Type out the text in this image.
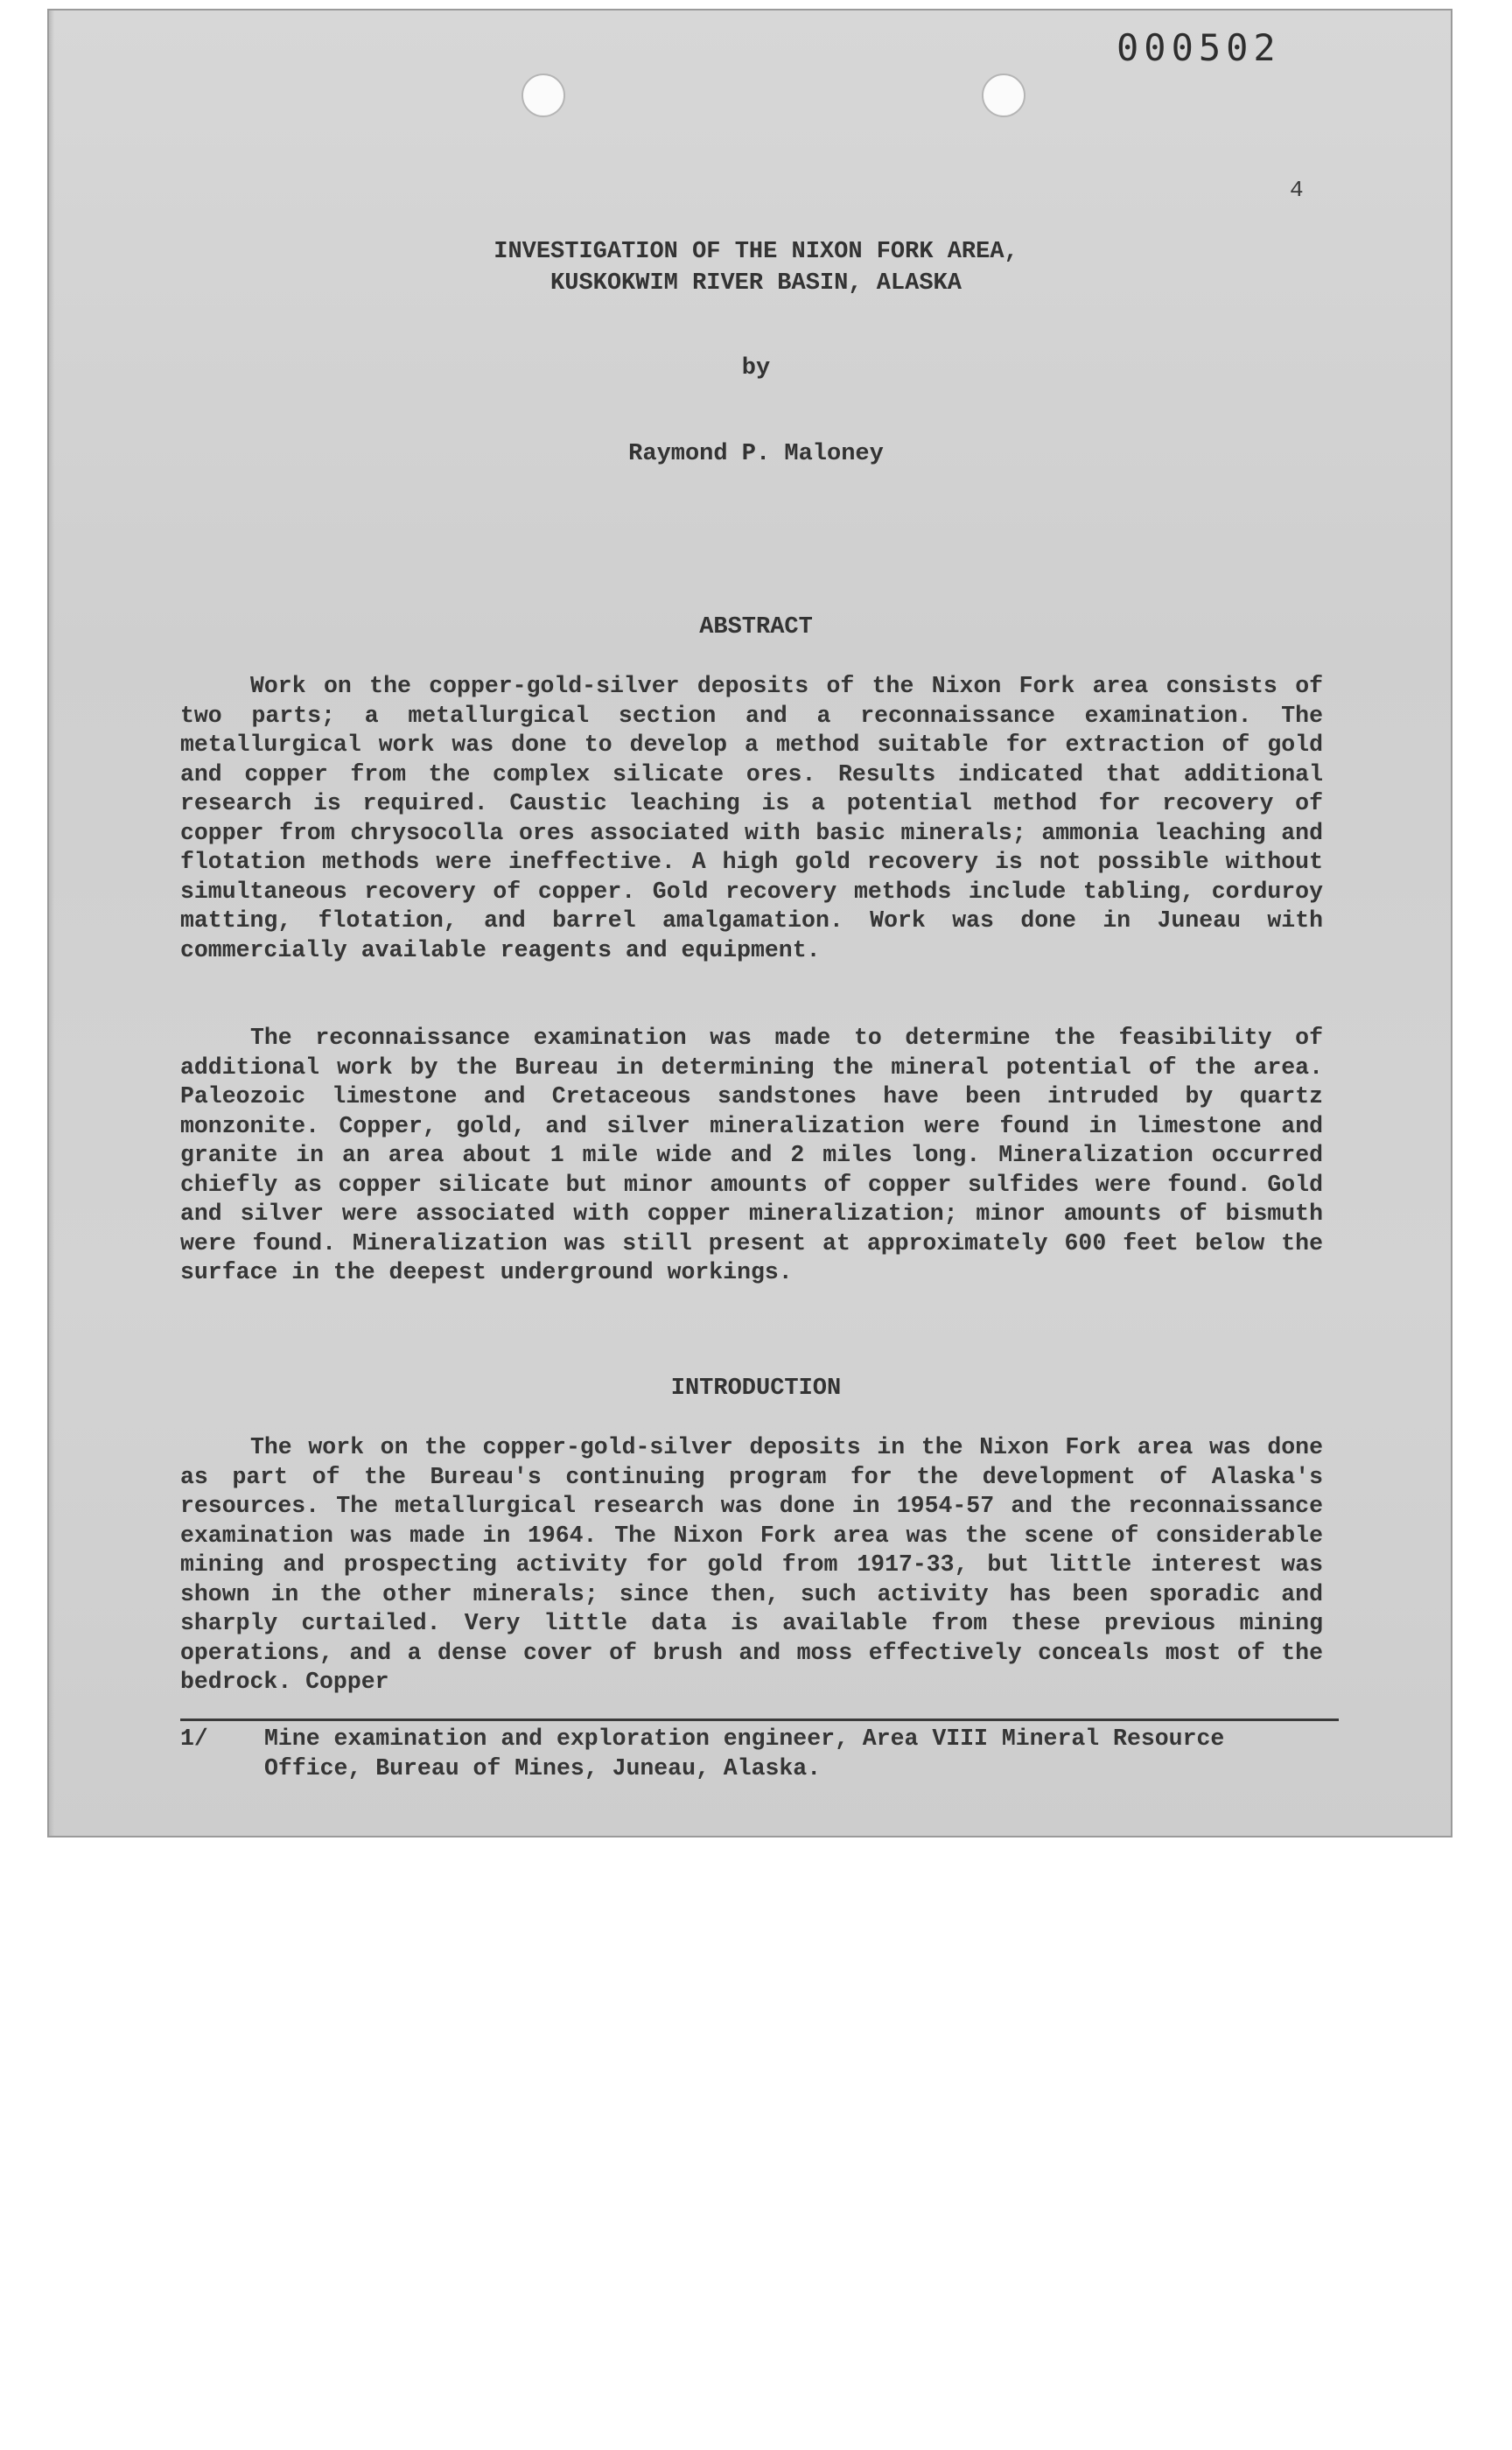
000502
4
INVESTIGATION OF THE NIXON FORK AREA,
KUSKOKWIM RIVER BASIN, ALASKA
by
Raymond P. Maloney
ABSTRACT

Work on the copper-gold-silver deposits of the Nixon Fork area consists of two parts; a metallurgical section and a reconnaissance examination. The metallurgical work was done to develop a method suitable for extraction of gold and copper from the complex silicate ores. Results indicated that additional research is required. Caustic leaching is a potential method for recovery of copper from chrysocolla ores associated with basic minerals; ammonia leaching and flotation methods were ineffective. A high gold recovery is not possible without simultaneous recovery of copper. Gold recovery methods include tabling, corduroy matting, flotation, and barrel amalgamation. Work was done in Juneau with commercially available reagents and equipment.

The reconnaissance examination was made to determine the feasibility of additional work by the Bureau in determining the mineral potential of the area. Paleozoic limestone and Cretaceous sandstones have been intruded by quartz monzonite. Copper, gold, and silver mineralization were found in limestone and granite in an area about 1 mile wide and 2 miles long. Mineralization occurred chiefly as copper silicate but minor amounts of copper sulfides were found. Gold and silver were associated with copper mineralization; minor amounts of bismuth were found. Mineralization was still present at approximately 600 feet below the surface in the deepest underground workings.

INTRODUCTION

The work on the copper-gold-silver deposits in the Nixon Fork area was done as part of the Bureau's continuing program for the development of Alaska's resources. The metallurgical research was done in 1954-57 and the reconnaissance examination was made in 1964. The Nixon Fork area was the scene of considerable mining and prospecting activity for gold from 1917-33, but little interest was shown in the other minerals; since then, such activity has been sporadic and sharply curtailed. Very little data is available from these previous mining operations, and a dense cover of brush and moss effectively conceals most of the bedrock. Copper

1/ Mine examination and exploration engineer, Area VIII Mineral Resource Office, Bureau of Mines, Juneau, Alaska.
